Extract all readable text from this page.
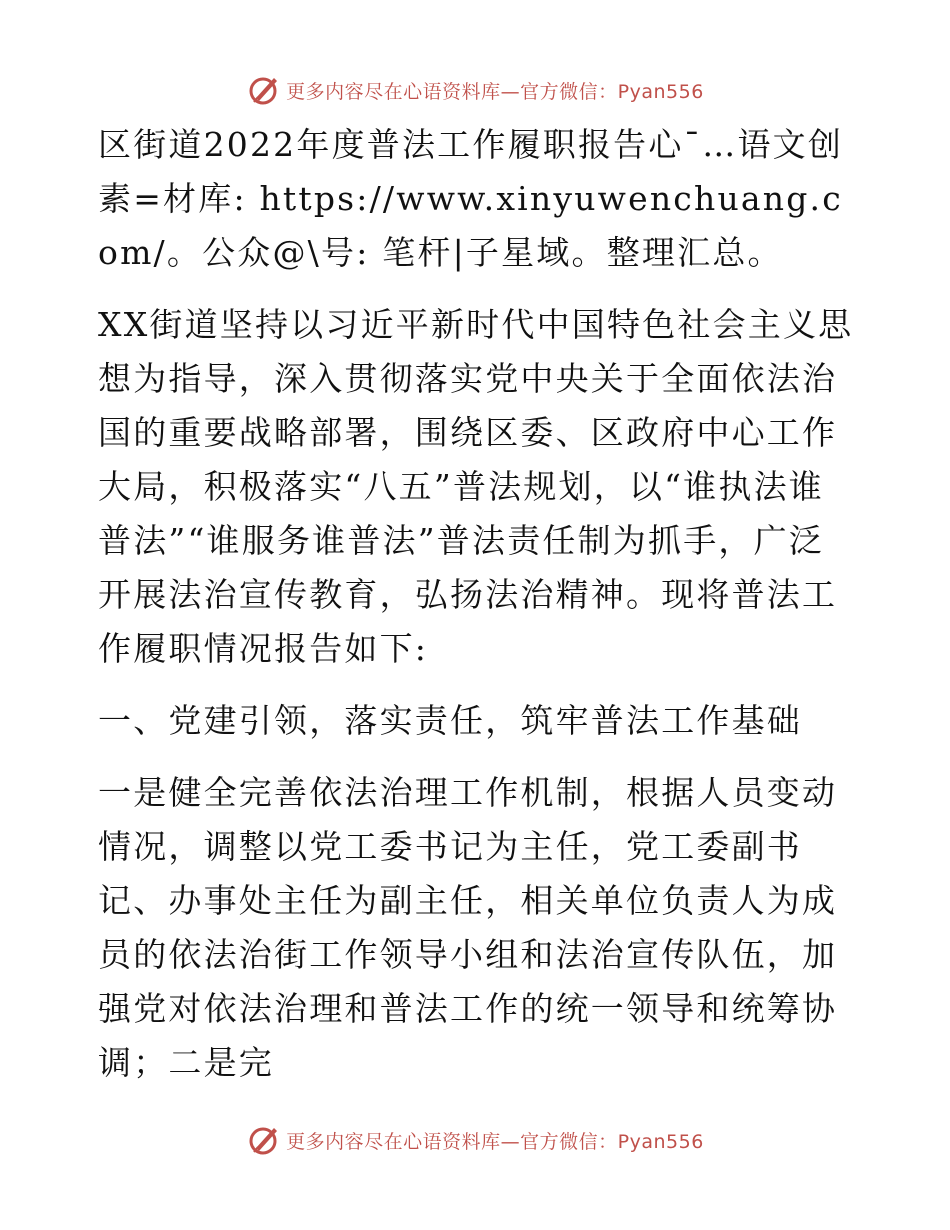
更多内容尽在心语资料库—官方微信：Pyan556

区街道2022年度普法工作履职报告心¯…语文创素=材库: https://www.xinyuwenchuang.com/。公众@\号: 笔杆|子星域。整理汇总。

XX街道坚持以习近平新时代中国特色社会主义思想为指导，深入贯彻落实党中央关于全面依法治国的重要战略部署，围绕区委、区政府中心工作大局，积极落实“八五”普法规划，以“谁执法谁普法”“谁服务谁普法”普法责任制为抓手，广泛开展法治宣传教育，弘扬法治精神。现将普法工作履职情况报告如下:

一、党建引领，落实责任，筑牢普法工作基础

一是健全完善依法治理工作机制，根据人员变动情况，调整以党工委书记为主任，党工委副书记、办事处主任为副主任，相关单位负责人为成员的依法治街工作领导小组和法治宣传队伍，加强党对依法治理和普法工作的统一领导和统筹协调；二是完

更多内容尽在心语资料库—官方微信：Pyan556
